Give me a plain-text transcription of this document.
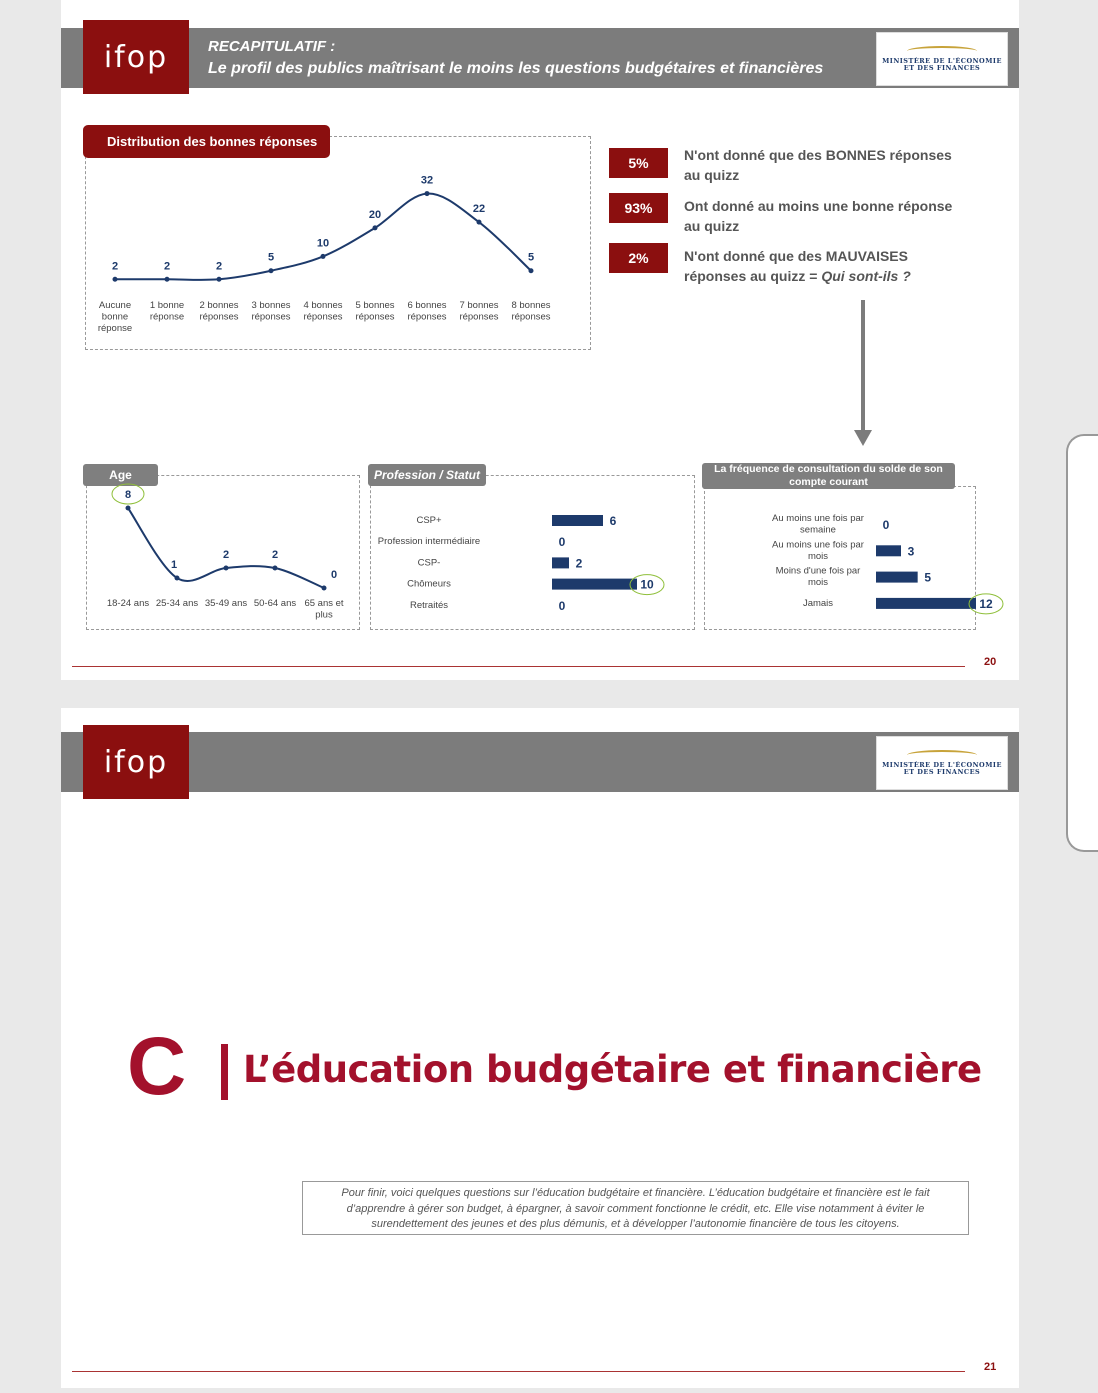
ifop	RECAPITULATIF :
Le profil des publics maîtrisant le moins les questions budgétaires et financières	MINISTÈRE DE L'ÉCONOMIE
ET DES FINANCES
Distribution des bonnes réponses
2
Aucune
bonne
réponse
2
1 bonne
réponse
2
2 bonnes
réponses
5
3 bonnes
réponses
10
4 bonnes
réponses
20
5 bonnes
réponses
32
6 bonnes
réponses
22
7 bonnes
réponses
5
8 bonnes
réponses
5%	N'ont donné que des BONNES réponses
au quizz
93%	Ont donné au moins une bonne réponse
au quizz
2%	N'ont donné que des MAUVAISES
réponses au quizz = Qui sont-ils ?
Age
8
18-24 ans
1
25-34 ans
2
35-49 ans
2
50-64 ans
0
65 ans et
plus
Profession / Statut
CSP+	6
Profession intermédiaire	0
CSP-	2
Chômeurs	10
Retraités	0
La fréquence de consultation du solde de son compte courant
Au moins une fois par
semaine	0
Au moins une fois par
mois	3
Moins d'une fois par
mois	5
Jamais	12
20
ifop	MINISTÈRE DE L'ÉCONOMIE
ET DES FINANCES
C L’éducation budgétaire et financière
Pour finir, voici quelques questions sur l’éducation budgétaire et financière. L’éducation budgétaire et financière est le fait d’apprendre à gérer son budget, à épargner, à savoir comment fonctionne le crédit, etc. Elle vise notamment à éviter le surendettement des jeunes et des plus démunis, et à développer l’autonomie financière de tous les citoyens.
21
